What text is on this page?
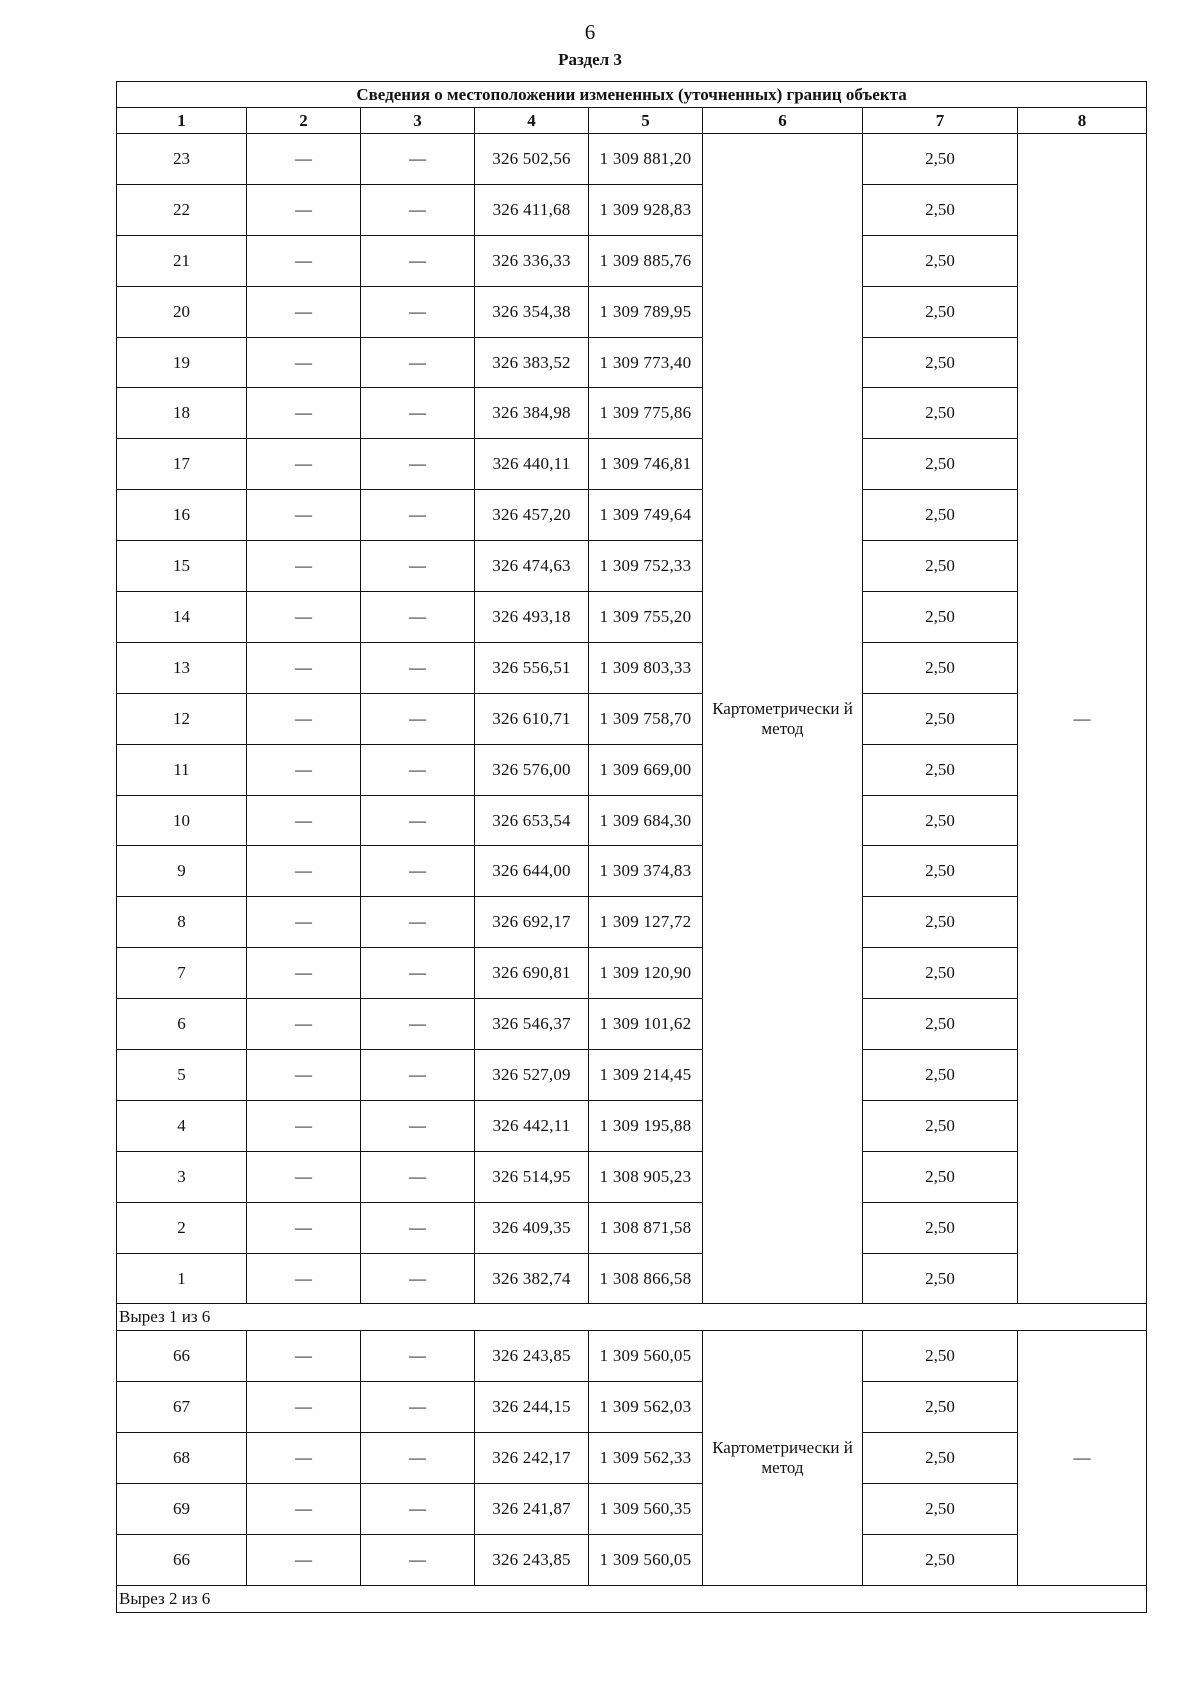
6
Раздел 3
Сведения о местоположении измененных (уточненных) границ объекта							
1	2	3	4	5	6	7	8
23	—	—	326 502,56	1 309 881,20	Картометрически й метод	2,50	—
22	—	—	326 411,68	1 309 928,83		2,50	
21	—	—	326 336,33	1 309 885,76		2,50	
20	—	—	326 354,38	1 309 789,95		2,50	
19	—	—	326 383,52	1 309 773,40		2,50	
18	—	—	326 384,98	1 309 775,86		2,50	
17	—	—	326 440,11	1 309 746,81		2,50	
16	—	—	326 457,20	1 309 749,64		2,50	
15	—	—	326 474,63	1 309 752,33		2,50	
14	—	—	326 493,18	1 309 755,20		2,50	
13	—	—	326 556,51	1 309 803,33		2,50	
12	—	—	326 610,71	1 309 758,70		2,50	
11	—	—	326 576,00	1 309 669,00		2,50	
10	—	—	326 653,54	1 309 684,30		2,50	
9	—	—	326 644,00	1 309 374,83		2,50	
8	—	—	326 692,17	1 309 127,72		2,50	
7	—	—	326 690,81	1 309 120,90		2,50	
6	—	—	326 546,37	1 309 101,62		2,50	
5	—	—	326 527,09	1 309 214,45		2,50	
4	—	—	326 442,11	1 309 195,88		2,50	
3	—	—	326 514,95	1 308 905,23		2,50	
2	—	—	326 409,35	1 308 871,58		2,50	
1	—	—	326 382,74	1 308 866,58		2,50	
Вырез 1 из 6							
66	—	—	326 243,85	1 309 560,05	Картометрически й метод	2,50	—
67	—	—	326 244,15	1 309 562,03		2,50	
68	—	—	326 242,17	1 309 562,33		2,50	
69	—	—	326 241,87	1 309 560,35		2,50	
66	—	—	326 243,85	1 309 560,05		2,50	
Вырез 2 из 6							
